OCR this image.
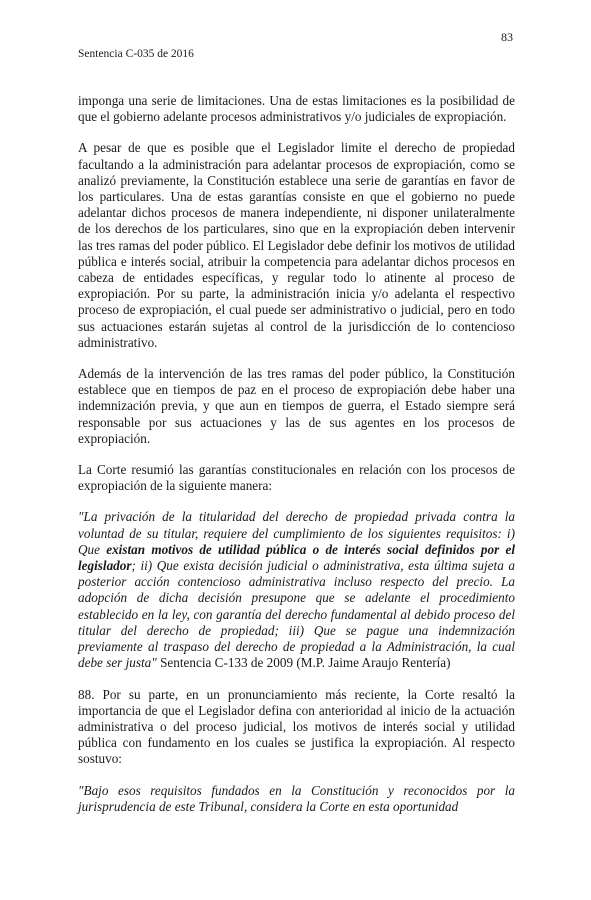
83
Sentencia C-035 de 2016

imponga una serie de limitaciones. Una de estas limitaciones es la posibilidad de que el gobierno adelante procesos administrativos y/o judiciales de expropiación.

A pesar de que es posible que el Legislador limite el derecho de propiedad facultando a la administración para adelantar procesos de expropiación, como se analizó previamente, la Constitución establece una serie de garantías en favor de los particulares. Una de estas garantías consiste en que el gobierno no puede adelantar dichos procesos de manera independiente, ni disponer unilateralmente de los derechos de los particulares, sino que en la expropiación deben intervenir las tres ramas del poder público. El Legislador debe definir los motivos de utilidad pública e interés social, atribuir la competencia para adelantar dichos procesos en cabeza de entidades específicas, y regular todo lo atinente al proceso de expropiación. Por su parte, la administración inicia y/o adelanta el respectivo proceso de expropiación, el cual puede ser administrativo o judicial, pero en todo sus actuaciones estarán sujetas al control de la jurisdicción de lo contencioso administrativo.

Además de la intervención de las tres ramas del poder público, la Constitución establece que en tiempos de paz en el proceso de expropiación debe haber una indemnización previa, y que aun en tiempos de guerra, el Estado siempre será responsable por sus actuaciones y las de sus agentes en los procesos de expropiación.

La Corte resumió las garantías constitucionales en relación con los procesos de expropiación de la siguiente manera:

"La privación de la titularidad del derecho de propiedad privada contra la voluntad de su titular, requiere del cumplimiento de los siguientes requisitos: i) Que existan motivos de utilidad pública o de interés social definidos por el legislador; ii) Que exista decisión judicial o administrativa, esta última sujeta a posterior acción contencioso administrativa incluso respecto del precio. La adopción de dicha decisión presupone que se adelante el procedimiento establecido en la ley, con garantía del derecho fundamental al debido proceso del titular del derecho de propiedad; iii) Que se pague una indemnización previamente al traspaso del derecho de propiedad a la Administración, la cual debe ser justa" Sentencia C-133 de 2009 (M.P. Jaime Araujo Rentería)

88. Por su parte, en un pronunciamiento más reciente, la Corte resaltó la importancia de que el Legislador defina con anterioridad al inicio de la actuación administrativa o del proceso judicial, los motivos de interés social y utilidad pública con fundamento en los cuales se justifica la expropiación. Al respecto sostuvo:

"Bajo esos requisitos fundados en la Constitución y reconocidos por la jurisprudencia de este Tribunal, considera la Corte en esta oportunidad
